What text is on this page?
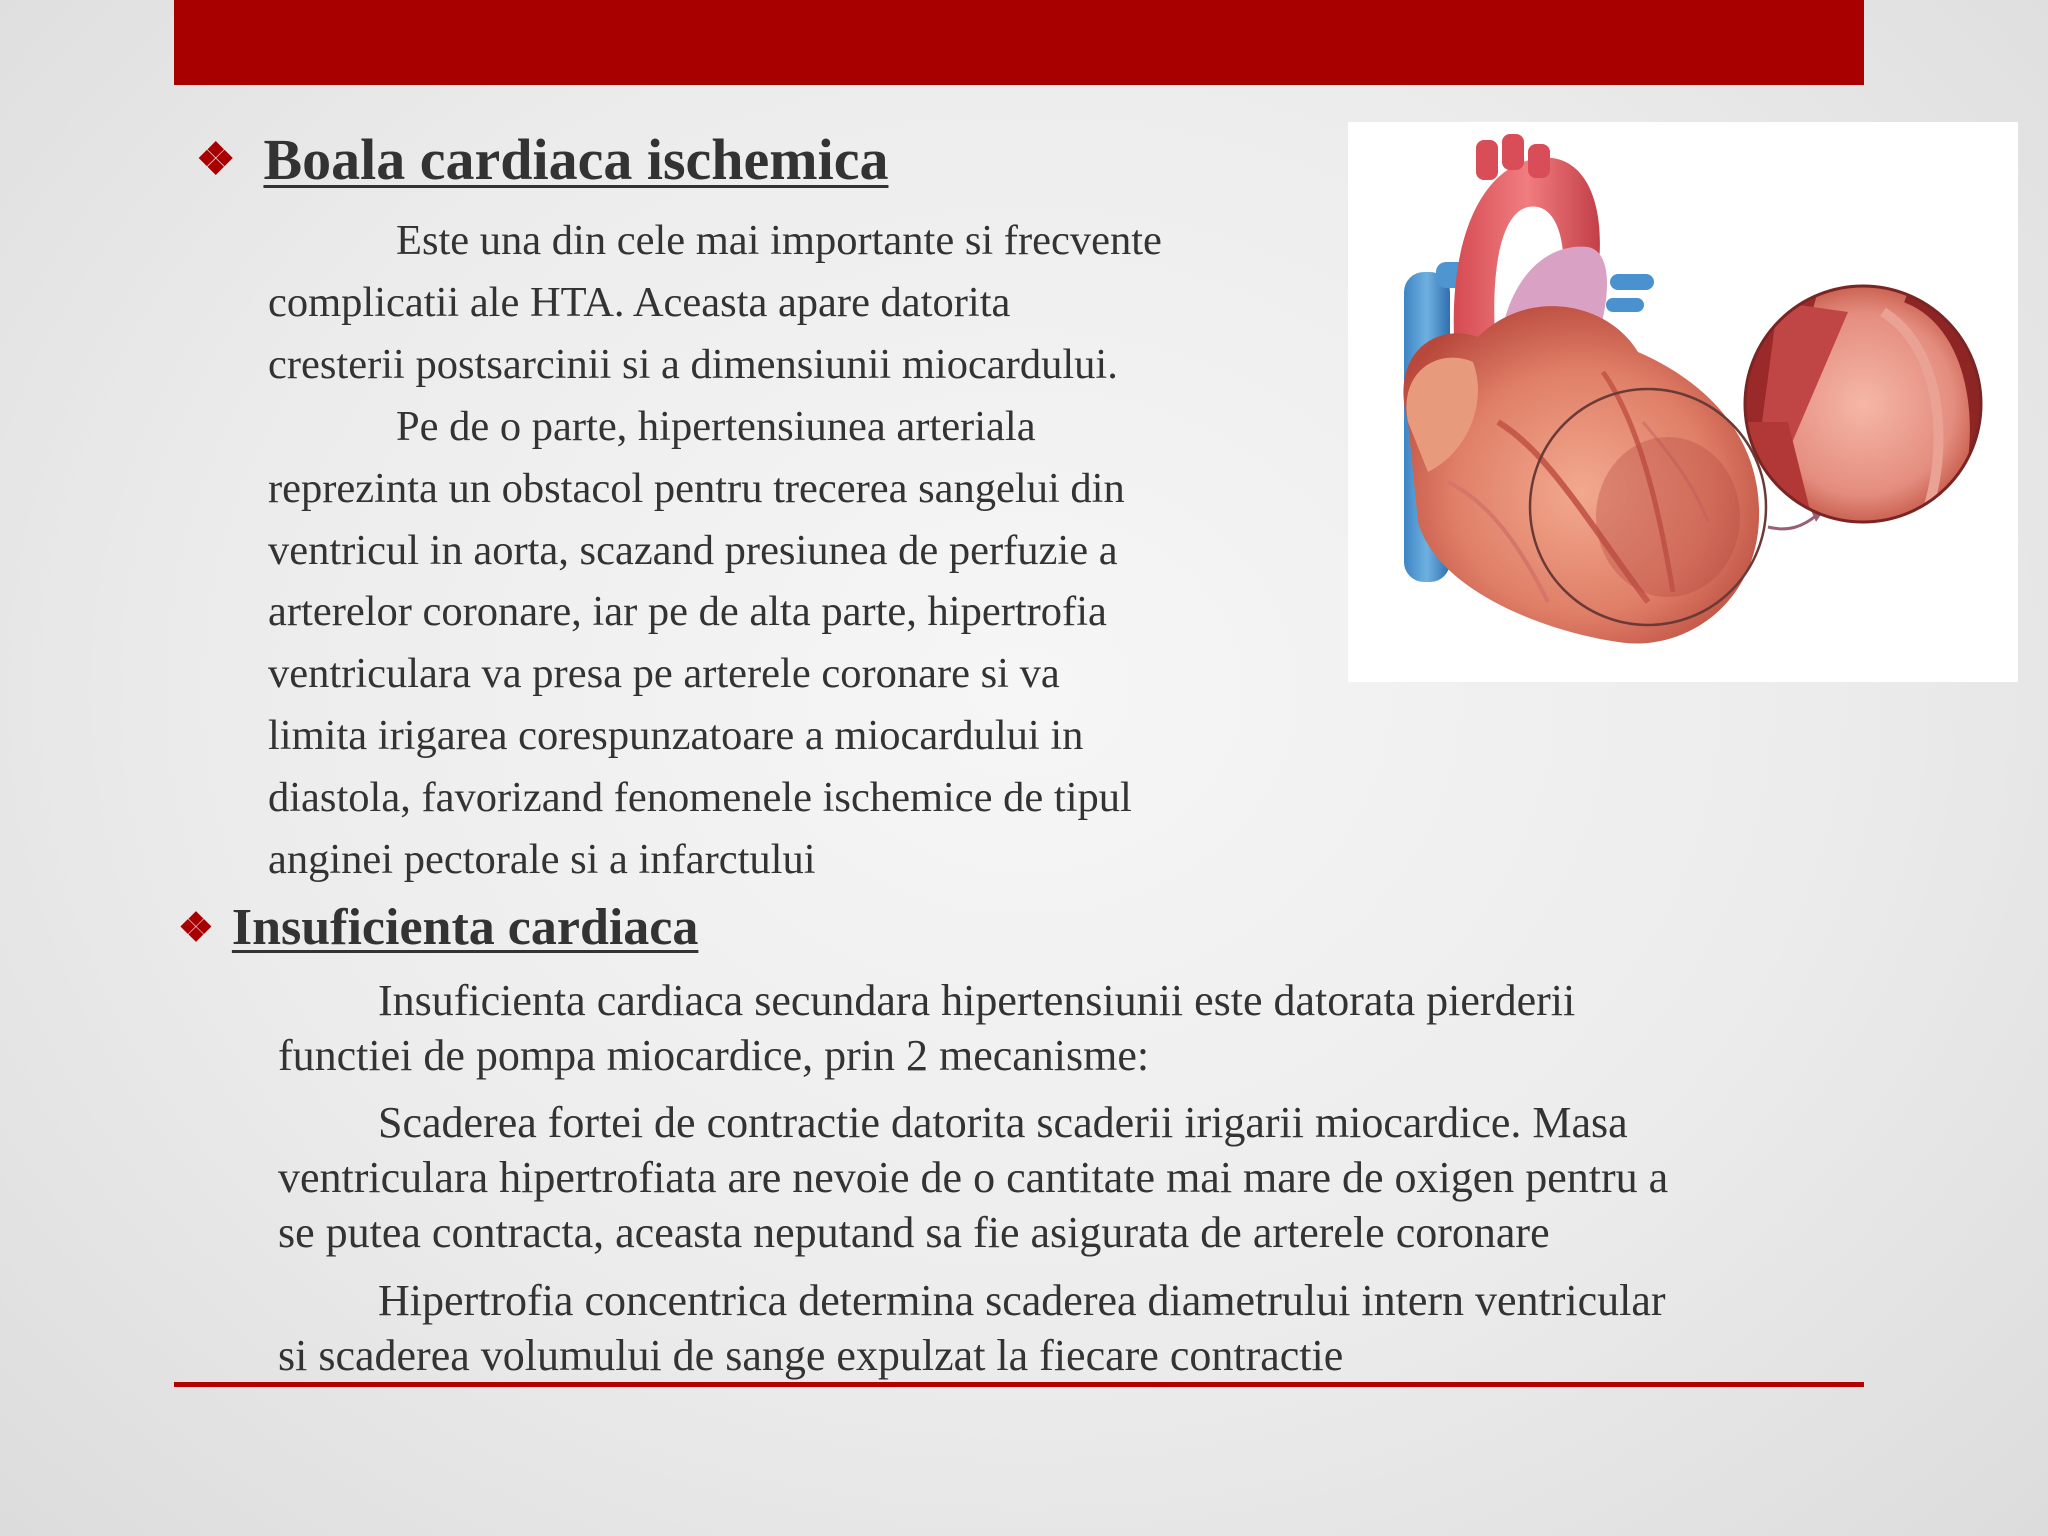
❖ Boala cardiaca ischemica

Este una din cele mai importante si frecvente

complicatii ale HTA. Aceasta apare datorita

cresterii postsarcinii si a dimensiunii miocardului.

Pe de o parte, hipertensiunea arteriala

reprezinta un obstacol pentru trecerea sangelui din

ventricul in aorta, scazand presiunea de perfuzie a

arterelor coronare, iar pe de alta parte, hipertrofia

ventriculara va presa pe arterele coronare si va

limita irigarea corespunzatoare a miocardului in

diastola, favorizand fenomenele ischemice de tipul

anginei pectorale si a infarctului

❖ Insuficienta cardiaca

Insuficienta cardiaca secundara hipertensiunii este datorata pierderii

functiei de pompa miocardice, prin 2 mecanisme:

Scaderea fortei de contractie datorita scaderii irigarii miocardice. Masa

ventriculara hipertrofiata are nevoie de o cantitate mai mare de oxigen pentru a

se putea contracta, aceasta neputand sa fie asigurata de arterele coronare

Hipertrofia concentrica determina scaderea diametrului intern ventricular

si scaderea volumului de sange expulzat la fiecare contractie
